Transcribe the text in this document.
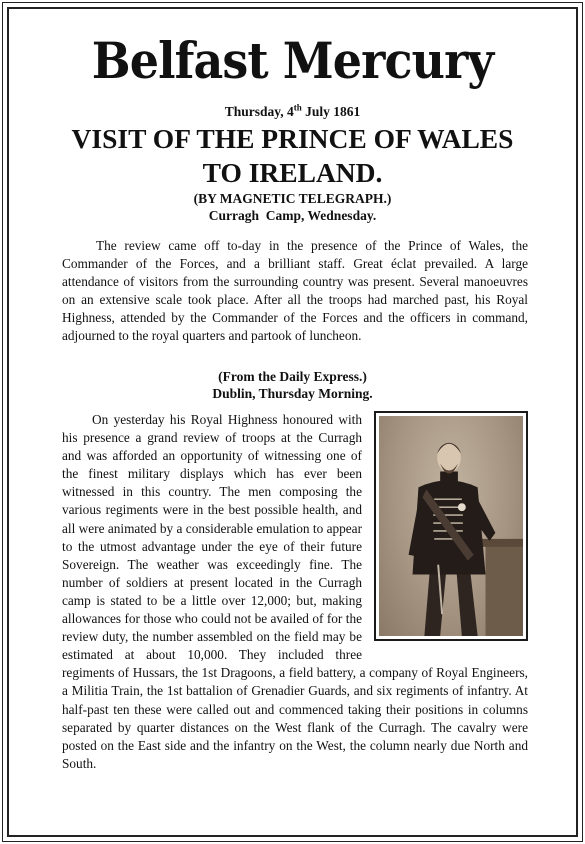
Belfast Mercury
Thursday, 4th July 1861
VISIT OF THE PRINCE OF WALES
TO IRELAND.
(BY MAGNETIC TELEGRAPH.)
Curragh  Camp, Wednesday.

The review came off to-day in the presence of the Prince of Wales, the Commander of the Forces, and a brilliant staff. Great éclat prevailed. A large attendance of visitors from the surrounding country was present. Several manoeuvres on an extensive scale took place. After all the troops had marched past, his Royal Highness, attended by the Commander of the Forces and the officers in command, adjourned to the royal quarters and partook of luncheon.

(From the Daily Express.)
Dublin, Thursday Morning.

On yesterday his Royal Highness honoured with his presence a grand review of troops at the Curragh and was afforded an opportunity of witnessing one of the finest military displays which has ever been witnessed in this country. The men composing the various regiments were in the best possible health, and all were animated by a considerable emulation to appear to the utmost advantage under the eye of their future Sovereign. The weather was exceedingly fine. The number of soldiers at present located in the Curragh camp is stated to be a little over 12,000; but, making allowances for those who could not be availed of for the review duty, the number assembled on the field may be estimated at about 10,000. They included three regiments of Hussars, the 1st Dragoons, a field battery, a company of Royal Engineers, a Militia Train, the 1st battalion of Grenadier Guards, and six regiments of infantry. At half-past ten these were called out and commenced taking their positions in columns separated by quarter distances on the West flank of the Curragh. The cavalry were posted on the East side and the infantry on the West, the column nearly due North and South.
